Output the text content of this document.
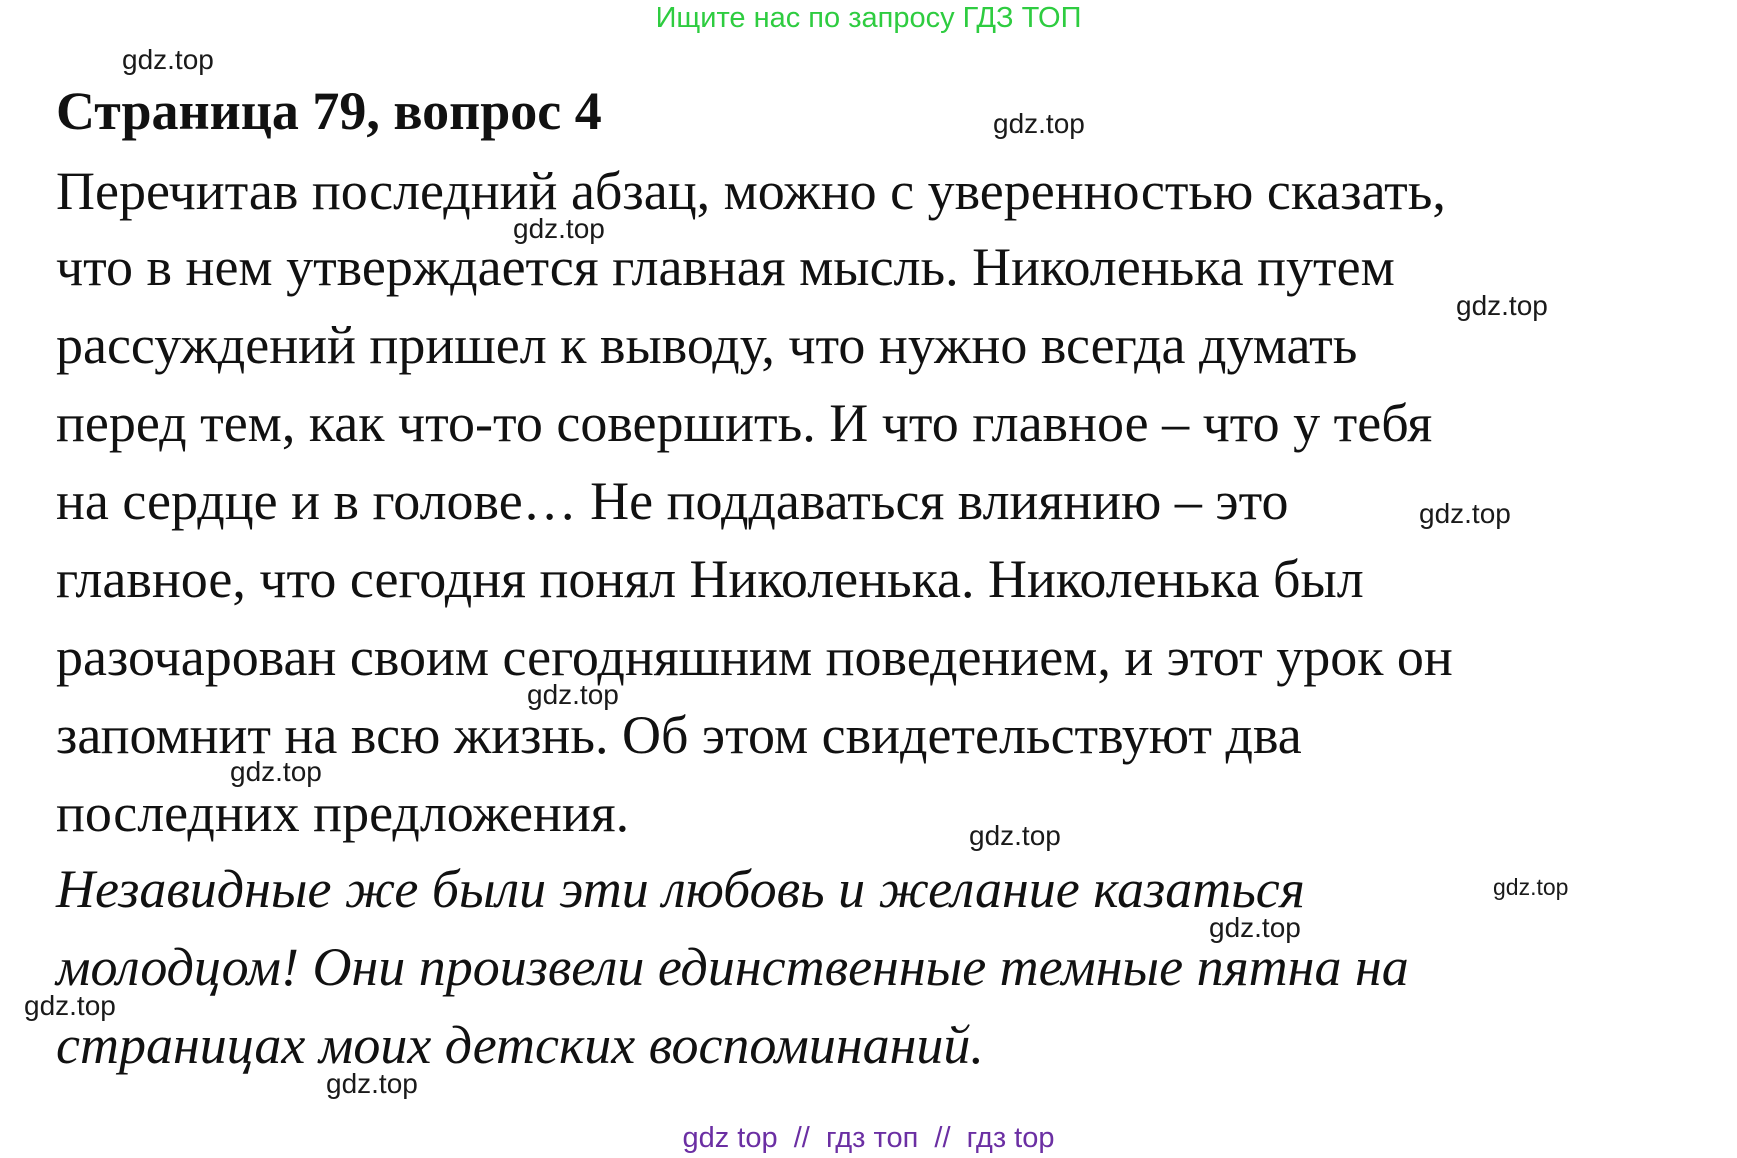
Ищите нас по запросу ГДЗ ТОП
gdz.top
Страница 79, вопрос 4	gdz.top
Перечитав последний абзац, можно с уверенностью сказать,
gdz.top
что в нем утверждается главная мысль. Николенька путем
gdz.top
рассуждений пришел к выводу, что нужно всегда думать
перед тем, как что-то совершить. И что главное – что у тебя
на сердце и в голове… Не поддаваться влиянию – это	gdz.top
главное, что сегодня понял Николенька. Николенька был
разочарован своим сегодняшним поведением, и этот урок он
gdz.top
запомнит на всю жизнь. Об этом свидетельствуют два
gdz.top
последних предложения.	gdz.top
Незавидные же были эти любовь и желание казаться	gdz.top
gdz.top
молодцом! Они произвели единственные темные пятна на
gdz.top
страницах моих детских воспоминаний.
gdz.top
gdz top  //  гдз топ  //  гдз top
